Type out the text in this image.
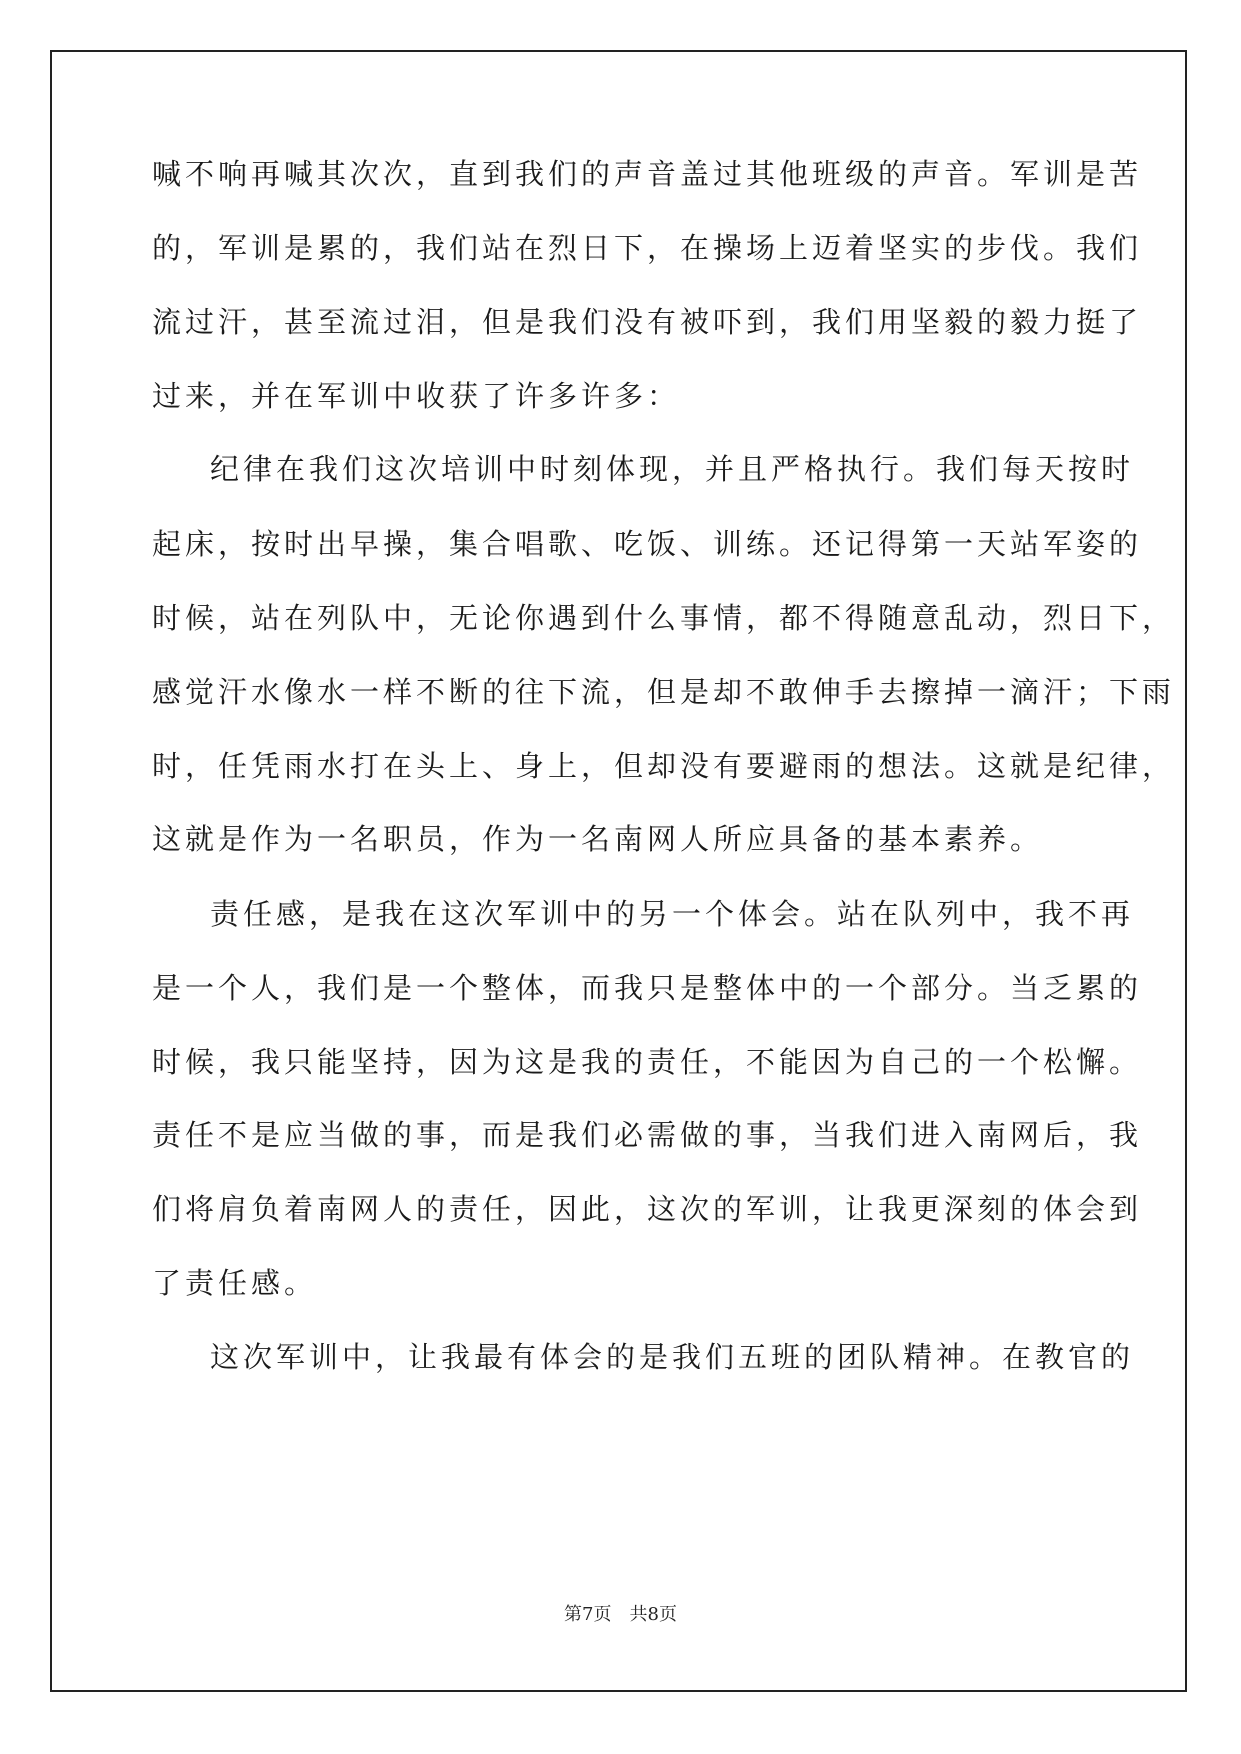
喊不响再喊其次次，直到我们的声音盖过其他班级的声音。军训是苦
的，军训是累的，我们站在烈日下，在操场上迈着坚实的步伐。我们
流过汗，甚至流过泪，但是我们没有被吓到，我们用坚毅的毅力挺了
过来，并在军训中收获了许多许多：
纪律在我们这次培训中时刻体现，并且严格执行。我们每天按时
起床，按时出早操，集合唱歌、吃饭、训练。还记得第一天站军姿的
时候，站在列队中，无论你遇到什么事情，都不得随意乱动，烈日下，
感觉汗水像水一样不断的往下流，但是却不敢伸手去擦掉一滴汗；下雨
时，任凭雨水打在头上、身上，但却没有要避雨的想法。这就是纪律，
这就是作为一名职员，作为一名南网人所应具备的基本素养。
责任感，是我在这次军训中的另一个体会。站在队列中，我不再
是一个人，我们是一个整体，而我只是整体中的一个部分。当乏累的
时候，我只能坚持，因为这是我的责任，不能因为自己的一个松懈。
责任不是应当做的事，而是我们必需做的事，当我们进入南网后，我
们将肩负着南网人的责任，因此，这次的军训，让我更深刻的体会到
了责任感。
这次军训中，让我最有体会的是我们五班的团队精神。在教官的
第7页 共8页
